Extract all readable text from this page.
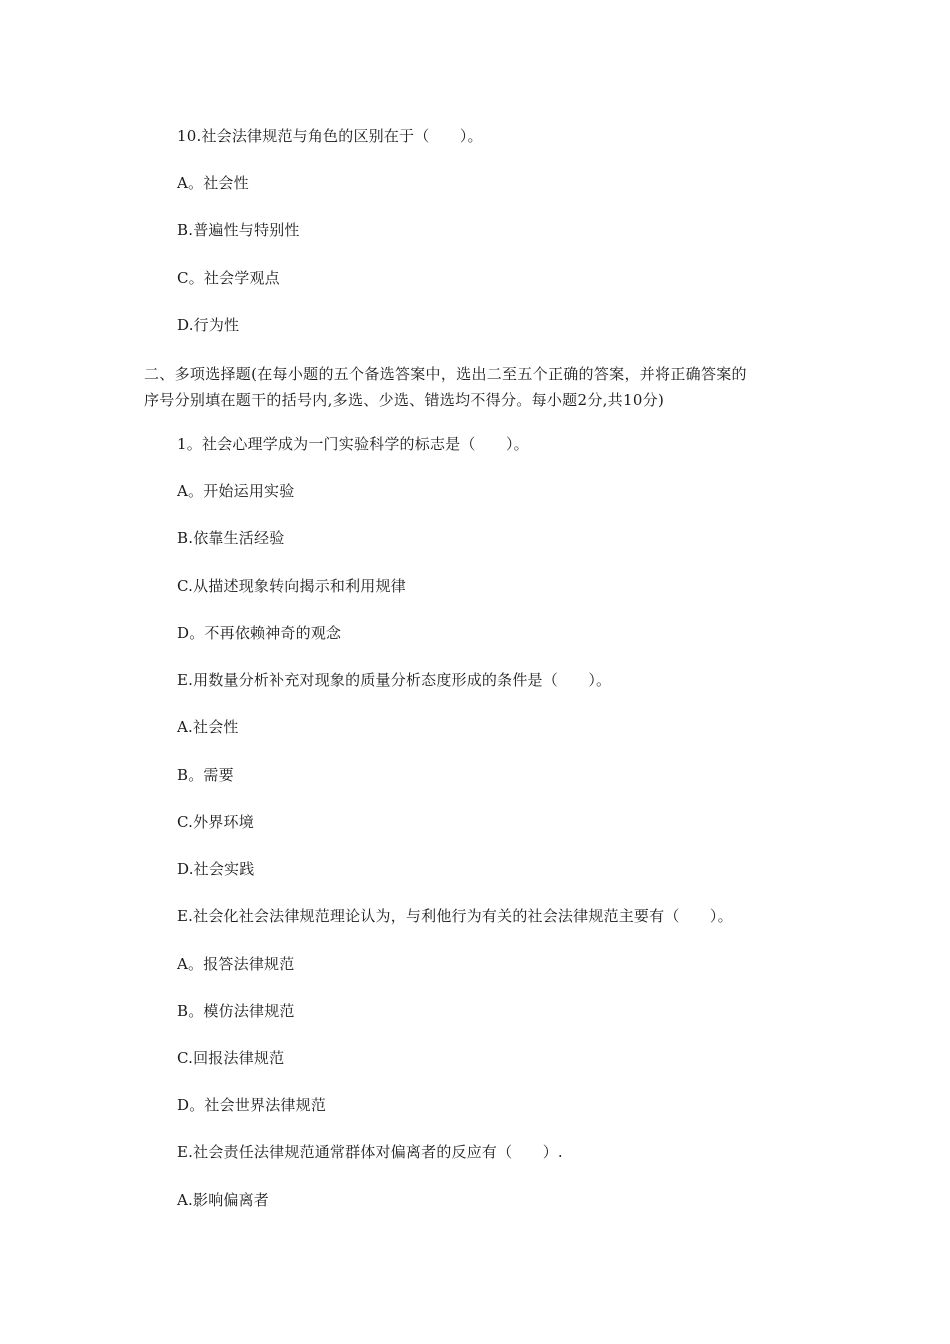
10.社会法律规范与角色的区别在于（　　）。
A。社会性
B.普遍性与特别性
C。社会学观点
D.行为性
二、多项选择题(在每小题的五个备选答案中，选出二至五个正确的答案，并将正确答案的
序号分别填在题干的括号内,多选、少选、错选均不得分。每小题2分,共10分)
1。社会心理学成为一门实验科学的标志是（　　）。
A。开始运用实验
B.依靠生活经验
C.从描述现象转向揭示和利用规律
D。不再依赖神奇的观念
E.用数量分析补充对现象的质量分析态度形成的条件是（　　）。
A.社会性
B。需要
C.外界环境
D.社会实践
E.社会化社会法律规范理论认为，与利他行为有关的社会法律规范主要有（　　）。
A。报答法律规范
B。模仿法律规范
C.回报法律规范
D。社会世界法律规范
E.社会责任法律规范通常群体对偏离者的反应有（　　）.
A.影响偏离者
